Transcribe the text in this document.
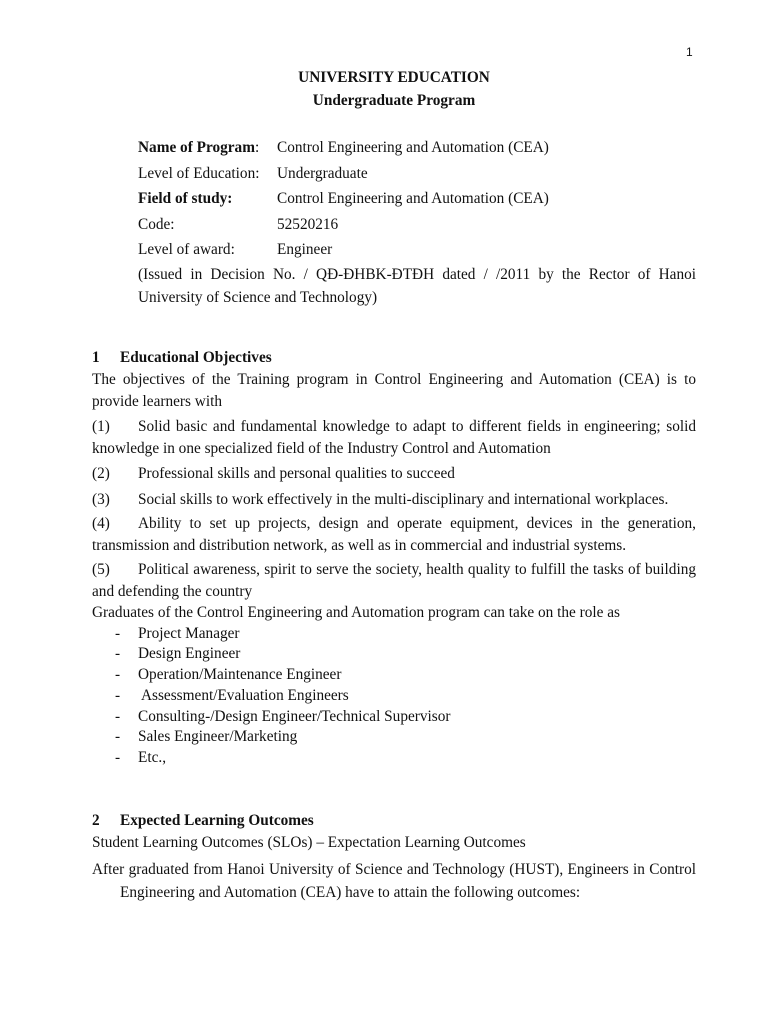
1
UNIVERSITY EDUCATION
Undergraduate Program
Name of Program:	Control Engineering and Automation (CEA)
Level of Education:	Undergraduate
Field of study:	Control Engineering and Automation (CEA)
Code:	52520216
Level of award:	Engineer
(Issued in Decision No. / QĐ-ĐHBK-ĐTĐH dated / /2011 by the Rector of Hanoi University of Science and Technology)
1	Educational Objectives
The objectives of the Training program in Control Engineering and Automation (CEA) is to provide learners with
(1) Solid basic and fundamental knowledge to adapt to different fields in engineering; solid knowledge in one specialized field of the Industry Control and Automation
(2) Professional skills and personal qualities to succeed
(3) Social skills to work effectively in the multi-disciplinary and international workplaces.
(4) Ability to set up projects, design and operate equipment, devices in the generation, transmission and distribution network, as well as in commercial and industrial systems.
(5) Political awareness, spirit to serve the society, health quality to fulfill the tasks of building and defending the country
Graduates of the Control Engineering and Automation program can take on the role as
-	Project Manager
-	Design Engineer
-	Operation/Maintenance Engineer
-	Assessment/Evaluation Engineers
-	Consulting-/Design Engineer/Technical Supervisor
-	Sales Engineer/Marketing
-	Etc.,
2	Expected Learning Outcomes
Student Learning Outcomes (SLOs) – Expectation Learning Outcomes
After graduated from Hanoi University of Science and Technology (HUST), Engineers in Control Engineering and Automation (CEA) have to attain the following outcomes:
